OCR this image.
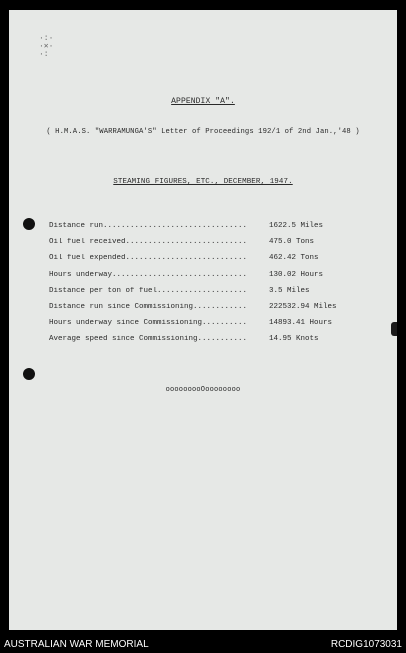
·:·
·✕·
·:
APPENDIX "A".
( H.M.A.S. "WARRAMUNGA'S" Letter of Proceedings 192/1 of 2nd Jan.,'48 )
STEAMING FIGURES, ETC., DECEMBER, 1947.
Distance run................................	1622.5 Miles
Oil fuel received...........................	475.0 Tons
Oil fuel expended...........................	462.42 Tons
Hours underway..............................	130.02 Hours
Distance per ton of fuel....................	3.5 Miles
Distance run since Commissioning............	222532.94 Miles
Hours underway since Commissioning..........	14893.41 Hours
Average speed since Commissioning...........	14.95 Knots
ooooooooOoooooooo
AUSTRALIAN WAR MEMORIAL	RCDIG1073031
